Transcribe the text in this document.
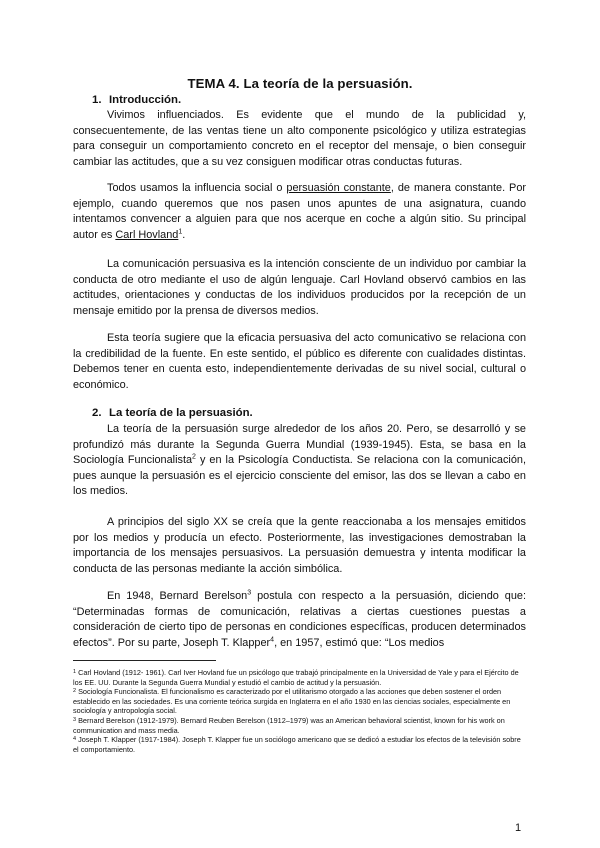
TEMA 4. La teoría de la persuasión.
1. Introducción.

Vivimos influenciados. Es evidente que el mundo de la publicidad y, consecuentemente, de las ventas tiene un alto componente psicológico y utiliza estrategias para conseguir un comportamiento concreto en el receptor del mensaje, o bien conseguir cambiar las actitudes, que a su vez consiguen modificar otras conductas futuras.

Todos usamos la influencia social o persuasión constante, de manera constante. Por ejemplo, cuando queremos que nos pasen unos apuntes de una asignatura, cuando intentamos convencer a alguien para que nos acerque en coche a algún sitio. Su principal autor es Carl Hovland$^1$.

La comunicación persuasiva es la intención consciente de un individuo por cambiar la conducta de otro mediante el uso de algún lenguaje. Carl Hovland observó cambios en las actitudes, orientaciones y conductas de los individuos producidos por la recepción de un mensaje emitido por la prensa de diversos medios.

Esta teoría sugiere que la eficacia persuasiva del acto comunicativo se relaciona con la credibilidad de la fuente. En este sentido, el público es diferente con cualidades distintas. Debemos tener en cuenta esto, independientemente derivadas de su nivel social, cultural o económico.

2. La teoría de la persuasión.

La teoría de la persuasión surge alrededor de los años 20. Pero, se desarrolló y se profundizó más durante la Segunda Guerra Mundial (1939-1945). Esta, se basa en la Sociología Funcionalista$^2$ y en la Psicología Conductista. Se relaciona con la comunicación, pues aunque la persuasión es el ejercicio consciente del emisor, las dos se llevan a cabo en los medios.

A principios del siglo XX se creía que la gente reaccionaba a los mensajes emitidos por los medios y producía un efecto. Posteriormente, las investigaciones demostraban la importancia de los mensajes persuasivos. La persuasión demuestra y intenta modificar la conducta de las personas mediante la acción simbólica.

En 1948, Bernard Berelson$^3$ postula con respecto a la persuasión, diciendo que: “Determinadas formas de comunicación, relativas a ciertas cuestiones puestas a consideración de cierto tipo de personas en condiciones específicas, producen determinados efectos”. Por su parte, Joseph T. Klapper$^4$, en 1957, estimó que: “Los medios

$^1$ Carl Hovland (1912- 1961). Carl Iver Hovland fue un psicólogo que trabajó principalmente en la Universidad de Yale y para el Ejército de los EE. UU. Durante la Segunda Guerra Mundial y estudió el cambio de actitud y la persuasión.

$^2$ Sociología Funcionalista. El funcionalismo es caracterizado por el utilitarismo otorgado a las acciones que deben sostener el orden establecido en las sociedades. Es una corriente teórica surgida en Inglaterra en el año 1930 en las ciencias sociales, especialmente en sociología y antropología social.

$^3$ Bernard Berelson (1912-1979). Bernard Reuben Berelson (1912–1979) was an American behavioral scientist, known for his work on communication and mass media.

$^4$ Joseph T. Klapper (1917-1984). Joseph T. Klapper fue un sociólogo americano que se dedicó a estudiar los efectos de la televisión sobre el comportamiento.

1
